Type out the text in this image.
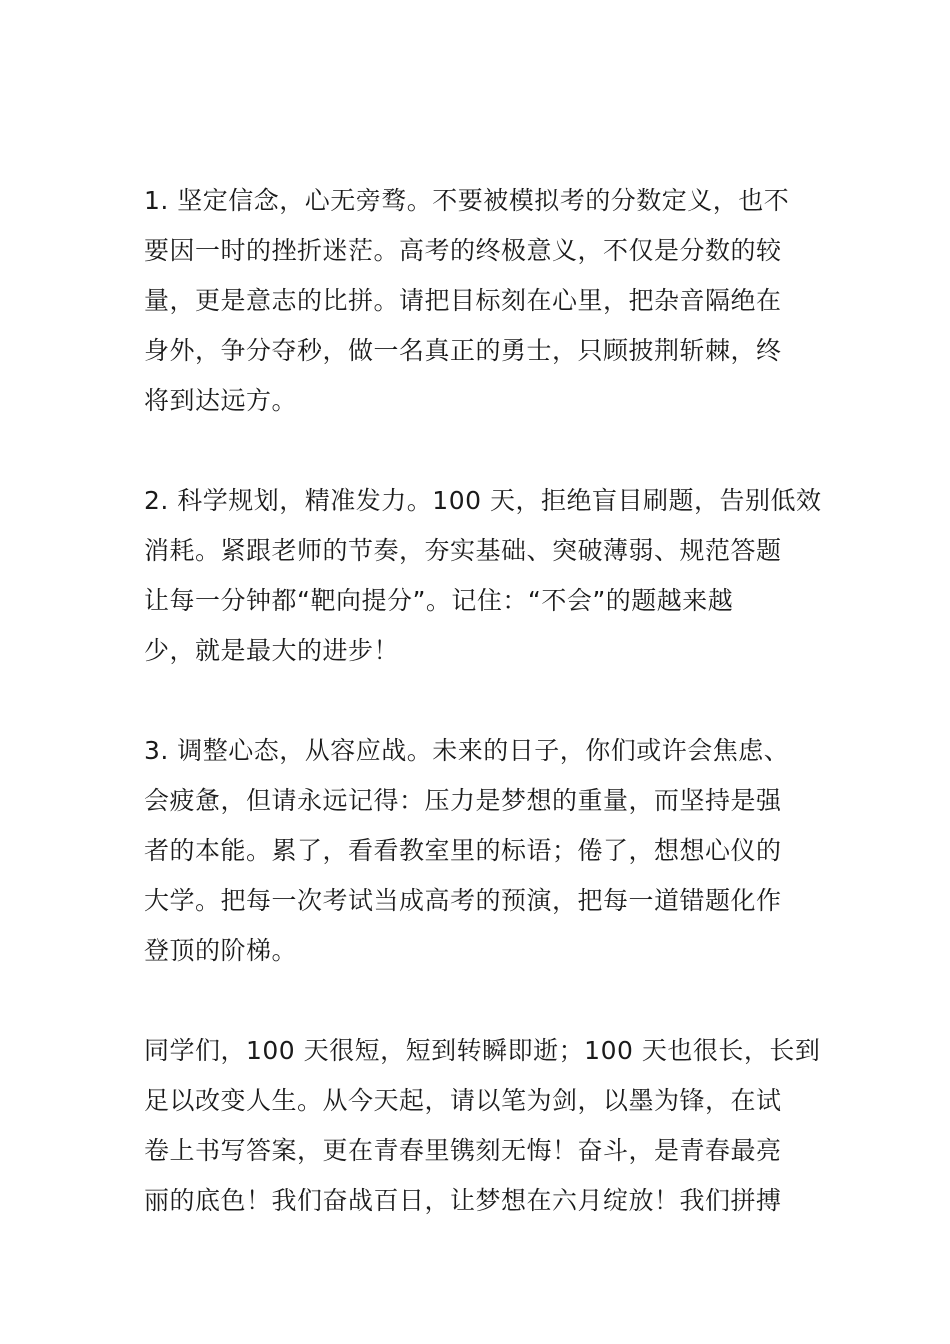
1. 坚定信念，心无旁骛。不要被模拟考的分数定义，也不
要因一时的挫折迷茫。高考的终极意义，不仅是分数的较
量，更是意志的比拼。请把目标刻在心里，把杂音隔绝在
身外，争分夺秒，做一名真正的勇士，只顾披荆斩棘，终
将到达远方。
2. 科学规划，精准发力。100 天，拒绝盲目刷题，告别低效
消耗。紧跟老师的节奏，夯实基础、突破薄弱、规范答题
让每一分钟都“靶向提分”。记住：“不会”的题越来越
少，就是最大的进步！
3. 调整心态，从容应战。未来的日子，你们或许会焦虑、
会疲惫，但请永远记得：压力是梦想的重量，而坚持是强
者的本能。累了，看看教室里的标语；倦了，想想心仪的
大学。把每一次考试当成高考的预演，把每一道错题化作
登顶的阶梯。
同学们，100 天很短，短到转瞬即逝；100 天也很长，长到
足以改变人生。从今天起，请以笔为剑，以墨为锋，在试
卷上书写答案，更在青春里镌刻无悔！奋斗，是青春最亮
丽的底色！我们奋战百日，让梦想在六月绽放！我们拼搏
